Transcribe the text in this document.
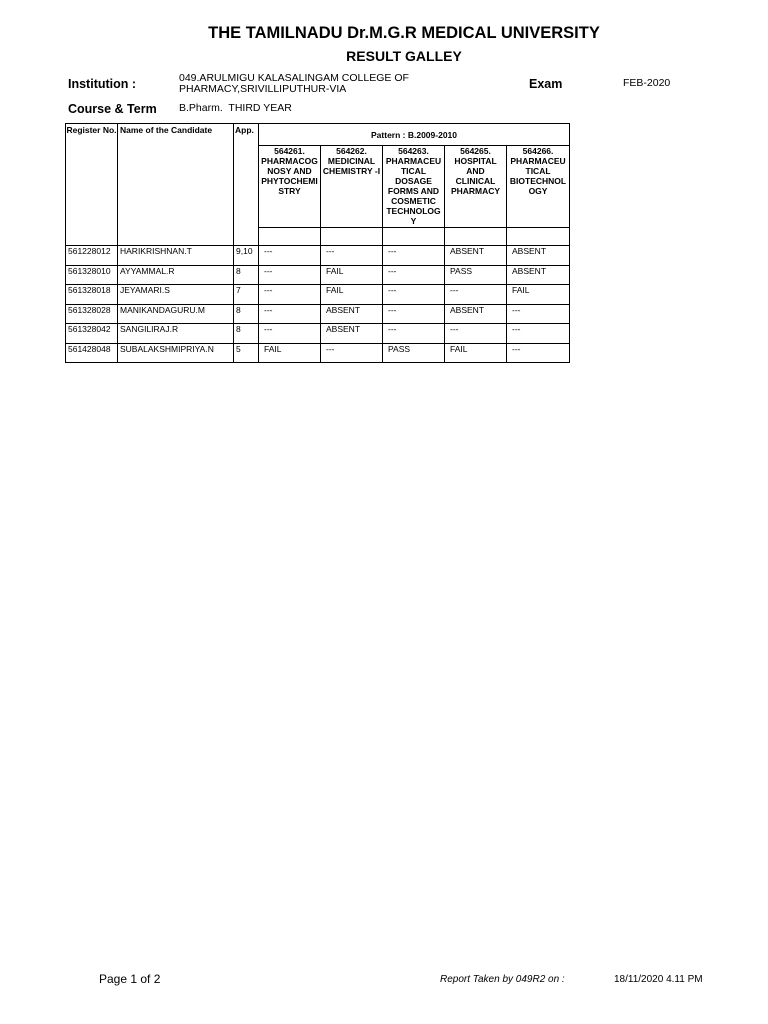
THE TAMILNADU Dr.M.G.R MEDICAL UNIVERSITY
RESULT GALLEY
Institution :	049.ARULMIGU KALASALINGAM COLLEGE OF
PHARMACY,SRIVILLIPUTHUR-VIA	Exam	FEB-2020
Course & Term B.Pharm.  THIRD YEAR
Register No.	Name of the Candidate	App.	Pattern : B.2009-2010				
			564261. PHARMACOG NOSY AND PHYTOCHEMI STRY	564262. MEDICINAL CHEMISTRY -I	564263. PHARMACEU TICAL DOSAGE FORMS AND COSMETIC TECHNOLOG Y	564265. HOSPITAL AND CLINICAL PHARMACY	564266. PHARMACEU TICAL BIOTECHNOL OGY

561228012	HARIKRISHNAN.T	9,10	---	---	---	ABSENT	ABSENT
561328010	AYYAMMAL.R	8	---	FAIL	---	PASS	ABSENT
561328018	JEYAMARI.S	7	---	FAIL	---	---	FAIL
561328028	MANIKANDAGURU.M	8	---	ABSENT	---	ABSENT	---
561328042	SANGILIRAJ.R	8	---	ABSENT	---	---	---
561428048	SUBALAKSHMIPRIYA.N	5	FAIL	---	PASS	FAIL	---
Page 1 of 2	Report Taken by 049R2 on :	18/11/2020 4.11 PM
